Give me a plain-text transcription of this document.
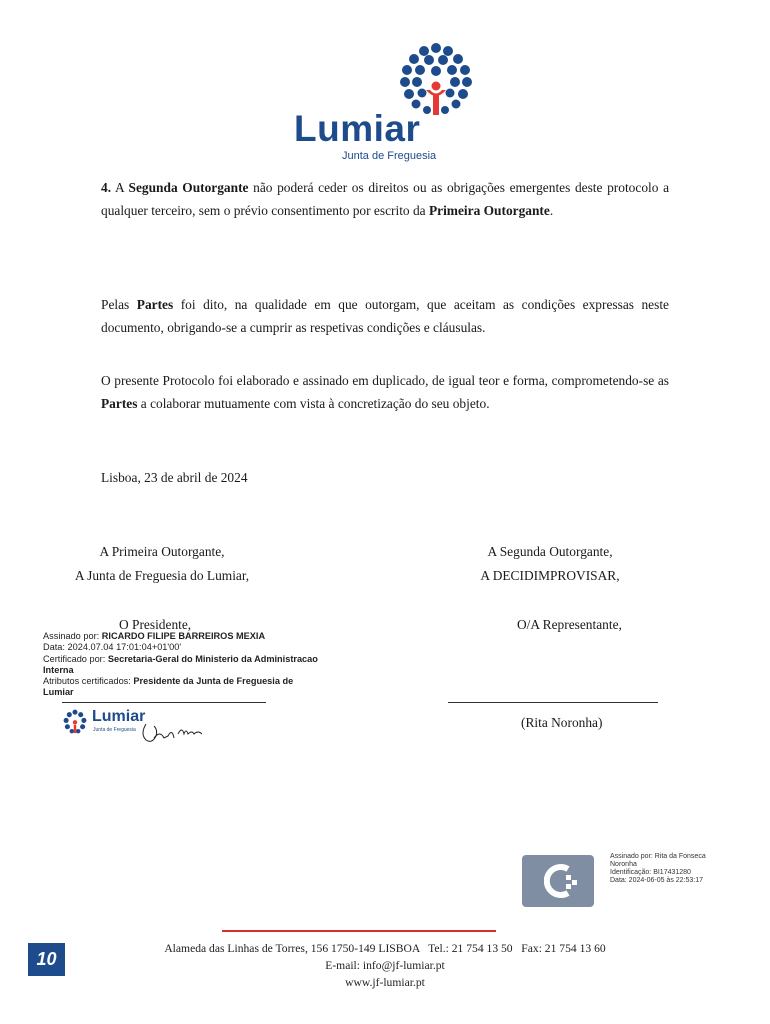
Lumiar
Junta de Freguesia
4. A Segunda Outorgante não poderá ceder os direitos ou as obrigações emergentes deste protocolo a qualquer terceiro, sem o prévio consentimento por escrito da Primeira Outorgante.
Pelas Partes foi dito, na qualidade em que outorgam, que aceitam as condições expressas neste documento, obrigando-se a cumprir as respetivas condições e cláusulas.
O presente Protocolo foi elaborado e assinado em duplicado, de igual teor e forma, comprometendo-se as Partes a colaborar mutuamente com vista à concretização do seu objeto.
Lisboa, 23 de abril de 2024
A Primeira Outorgante,
A Junta de Freguesia do Lumiar,
O Presidente,
A Segunda Outorgante,
A DECIDIMPROVISAR,
O/A Representante,
Assinado por: RICARDO FILIPE BARREIROS MEXIA
Data: 2024.07.04 17:01:04+01'00'
Certificado por: Secretaria-Geral do Ministerio da Administracao Interna
Atributos certificados: Presidente da Junta de Freguesia de Lumiar
Lumiar
Junta de Freguesia	(Rita Noronha)
Assinado por: Rita da Fonseca
Noronha
Identificação: BI17431280
Data: 2024-06-05 às 22:53:17
10
Alameda das Linhas de Torres, 156 1750-149 LISBOA   Tel.: 21 754 13 50   Fax: 21 754 13 60
E-mail: info@jf-lumiar.pt
www.jf-lumiar.pt
